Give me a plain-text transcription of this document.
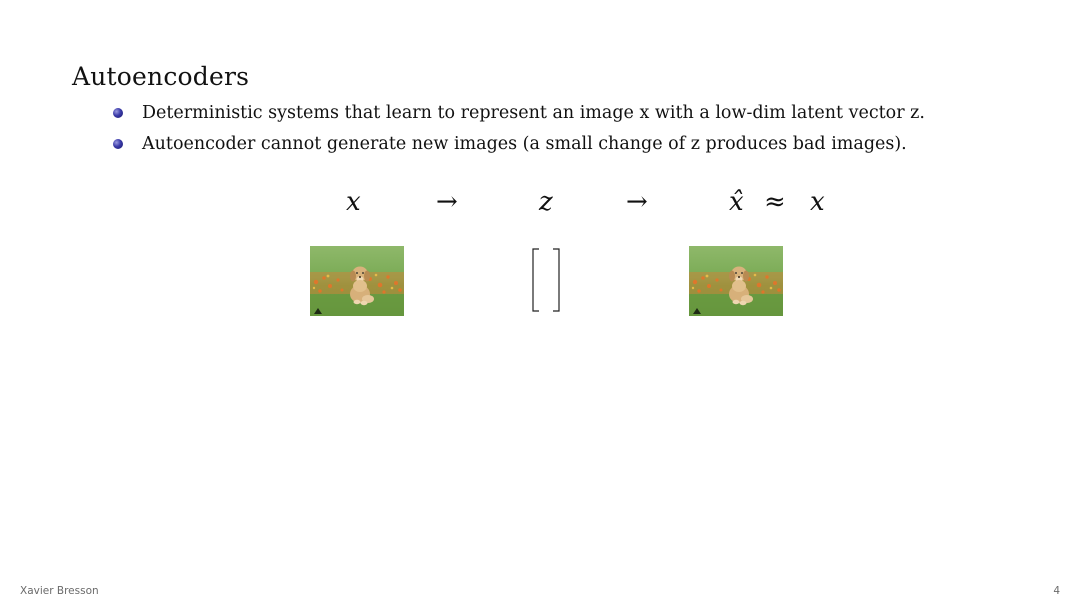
Autoencoders
Deterministic systems that learn to represent an image x with a low-dim latent vector z.
Autoencoder cannot generate new images (a small change of z produces bad images).
x	→	z	→	x̂ ≈ x
Xavier Bresson	4
